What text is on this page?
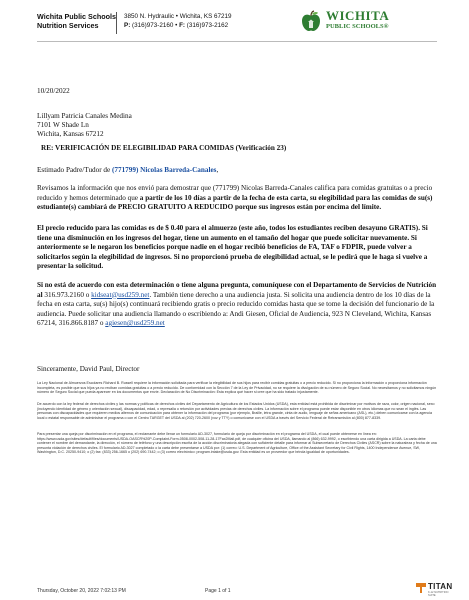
Wichita Public Schools
Nutrition Services
3850 N. Hydraulic • Wichita, KS 67219
P: (316)973-2160 • F: (316)973-2162
WICHITA
PUBLIC SCHOOLS®
10/20/2022
Lillyam Patricia Canales Medina
7101 W Shade Ln
Wichita, Kansas 67212
RE: VERIFICACIÓN DE ELEGIBILIDAD PARA COMIDAS (Verificación 23)
Estimado Padre/Tudor de (771799) Nicolas Barreda-Canales,
Revisamos la información que nos envió para demostrar que (771799) Nicolas Barreda-Canales califica para comidas gratuitas o a precio reducido y hemos determinado que a partir de los 10 días a partir de la fecha de esta carta, su elegibilidad para las comidas de su(s) estudiante(s) cambiará de PRECIO GRATUITO A REDUCIDO porque sus ingresos están por encima del límite.
El precio reducido para las comidas es de $ 0.40 para el almuerzo (este año, todos los estudiantes reciben desayuno GRATIS). Si tiene una disminución en los ingresos del hogar, tiene un aumento en el tamaño del hogar que puede solicitar nuevamente. Si anteriormente se le negaron los beneficios porque nadie en el hogar recibió beneficios de FA, TAF o FDPIR, puede volver a solicitarlos según la elegibilidad de ingresos. Si no proporcionó prueba de elegibilidad actual, se le pedirá que le haga si vuelve a presentar la solicitud.
Si no está de acuerdo con esta determinación o tiene alguna pregunta, comuníquese con el Departamento de Servicios de Nutrición al 316.973.2160 o kidseat@usd259.net. También tiene derecho a una audiencia justa. Si solicita una audiencia dentro de los 10 días de la fecha en esta carta, su(s) hijo(s) continuará recibiendo gratis o precio reducido comidas hasta que se tome la decisión del funcionario de la audiencia. Puede solicitar una audiencia llamando o escribiendo a: Andi Giesen, Oficial de Audiencia, 923 N Cleveland, Wichita, Kansas 67214, 316.866.8187 o agiesen@usd259.net
Sinceramente, David Paul, Director
La Ley Nacional de Almuerzos Escolares Richard B. Russell requiere la información solicitada para verificar la elegibilidad de sus hijos para recibir comidas gratuitas o a precio reducido. Si no proporciona la información o proporciona información incompleta, es posible que sus hijos ya no reciban comidas gratuitas o a precio reducido. De conformidad con la Sección 7 de la Ley de Privacidad, no se requiere la divulgación de su número de Seguro Social. No necesitamos y no solicitamos ningún número de Seguro Social que pueda aparecer en los documentos que envíe. Declaración de No Discriminación: Esta explica qué hacer si cree que ha sido tratado injustamente.
De acuerdo con la ley federal de derechos civiles y las normas y políticas de derechos civiles del Departamento de Agricultura de los Estados Unidos (USDA), esta entidad está prohibida de discriminar por motivos de raza, color, origen nacional, sexo (incluyendo identidad de género y orientación sexual), discapacidad, edad, o represalia o retorsión por actividades previas de derechos civiles. La información sobre el programa puede estar disponible en otros idiomas que no sean el inglés. Las personas con discapacidades que requieren medios alternos de comunicación para obtener la información del programa (por ejemplo, Braille, letra grande, cinta de audio, lenguaje de señas americano (ASL), etc.) deben comunicarse con la agencia local o estatal responsable de administrar el programa o con el Centro TARGET del USDA al (202) 720-2600 (voz y TTY) o comunicarse con el USDA a través del Servicio Federal de Retransmisión al (800) 877-8339.
Para presentar una queja por discriminación en el programa, el reclamante debe llenar un formulario AD-3027, formulario de queja por discriminación en el programa del USDA, el cual puede obtenerse en línea en: https://www.usda.gov/sites/default/files/documents/USDA-OASCR%20P-Complaint-Form-0508-0002-508-11-28-17Fax2Mail.pdf, de cualquier oficina del USDA, llamando al (866) 632-9992, o escribiendo una carta dirigida a USDA. La carta debe contener el nombre del demandante, la dirección, el número de teléfono y una descripción escrita de la acción discriminatoria alegada con suficiente detalle para informar al Subsecretario de Derechos Civiles (ASCR) sobre la naturaleza y fecha de una presunta violación de derechos civiles. El formulario AD-3027 completado o la carta debe presentarse a USDA por: (1) correo: U.S. Department of Agriculture, Office of the Assistant Secretary for Civil Rights, 1400 Independence Avenue, SW, Washington, D.C. 20250-9410; o (2) fax: (833) 256-1665 o (202) 690-7442; o (3) correo electrónico: program.intake@usda.gov. Esta entidad es un proveedor que brinda igualdad de oportunidades.
Thursday, October 20, 2022 7:02:13 PM	Page 1 of 1	TITAN
K-12 NUTRITION SUITE
